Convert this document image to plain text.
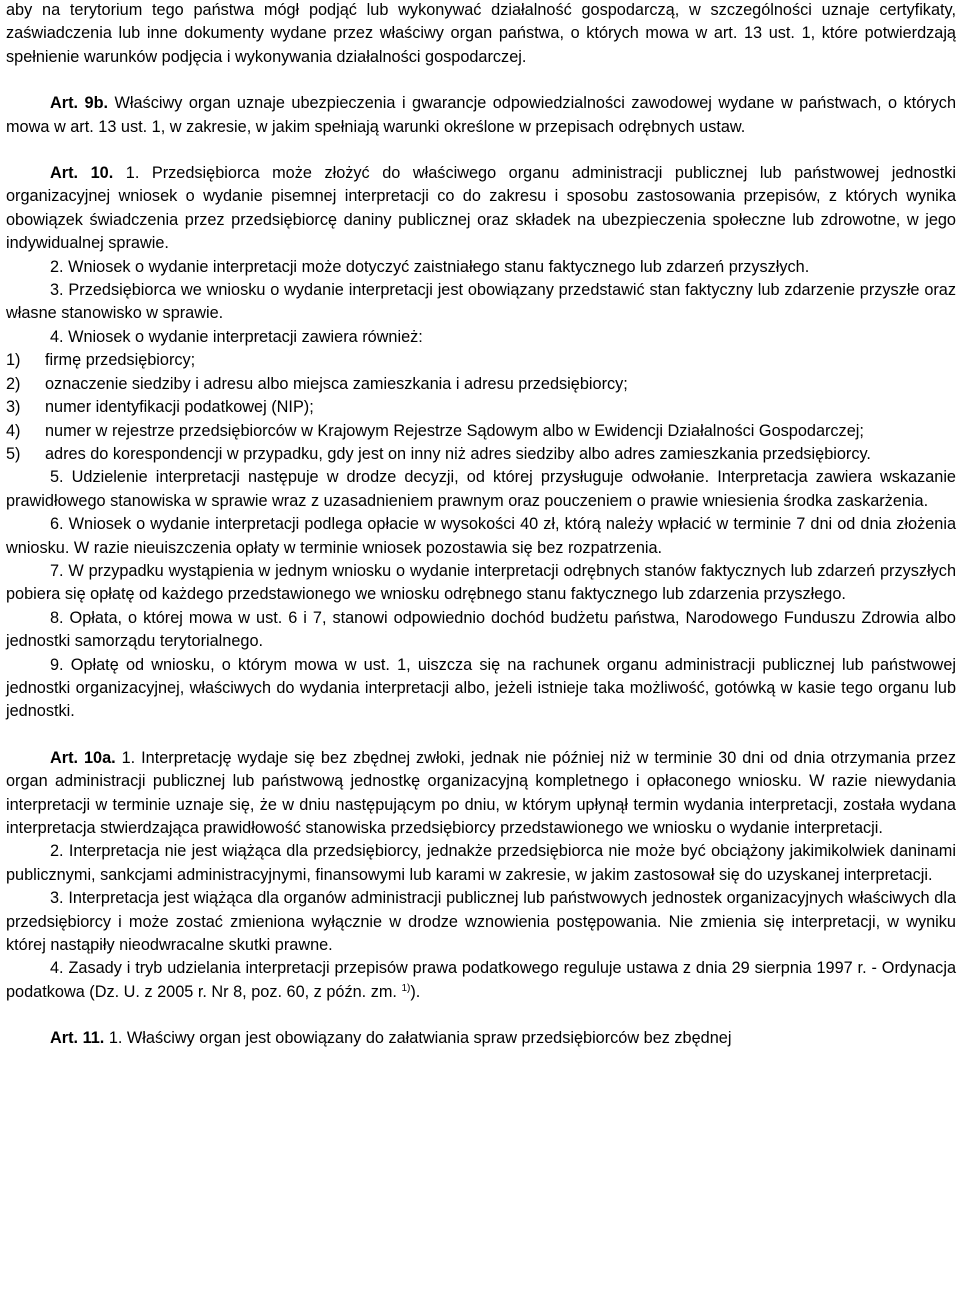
aby na terytorium tego państwa mógł podjąć lub wykonywać działalność gospodarczą, w szczególności uznaje certyfikaty, zaświadczenia lub inne dokumenty wydane przez właściwy organ państwa, o których mowa w art. 13 ust. 1, które potwierdzają spełnienie warunków podjęcia i wykonywania działalności gospodarczej.

Art. 9b. Właściwy organ uznaje ubezpieczenia i gwarancje odpowiedzialności zawodowej wydane w państwach, o których mowa w art. 13 ust. 1, w zakresie, w jakim spełniają warunki określone w przepisach odrębnych ustaw.

Art. 10. 1. Przedsiębiorca może złożyć do właściwego organu administracji publicznej lub państwowej jednostki organizacyjnej wniosek o wydanie pisemnej interpretacji co do zakresu i sposobu zastosowania przepisów, z których wynika obowiązek świadczenia przez przedsiębiorcę daniny publicznej oraz składek na ubezpieczenia społeczne lub zdrowotne, w jego indywidualnej sprawie.

2. Wniosek o wydanie interpretacji może dotyczyć zaistniałego stanu faktycznego lub zdarzeń przyszłych.

3. Przedsiębiorca we wniosku o wydanie interpretacji jest obowiązany przedstawić stan faktyczny lub zdarzenie przyszłe oraz własne stanowisko w sprawie.

4. Wniosek o wydanie interpretacji zawiera również:

1)	firmę przedsiębiorcy;
2)	oznaczenie siedziby i adresu albo miejsca zamieszkania i adresu przedsiębiorcy;
3)	numer identyfikacji podatkowej (NIP);
4)	numer w rejestrze przedsiębiorców w Krajowym Rejestrze Sądowym albo w Ewidencji Działalności Gospodarczej;
5)	adres do korespondencji w przypadku, gdy jest on inny niż adres siedziby albo adres zamieszkania przedsiębiorcy.

5. Udzielenie interpretacji następuje w drodze decyzji, od której przysługuje odwołanie. Interpretacja zawiera wskazanie prawidłowego stanowiska w sprawie wraz z uzasadnieniem prawnym oraz pouczeniem o prawie wniesienia środka zaskarżenia.

6. Wniosek o wydanie interpretacji podlega opłacie w wysokości 40 zł, którą należy wpłacić w terminie 7 dni od dnia złożenia wniosku. W razie nieuiszczenia opłaty w terminie wniosek pozostawia się bez rozpatrzenia.

7. W przypadku wystąpienia w jednym wniosku o wydanie interpretacji odrębnych stanów faktycznych lub zdarzeń przyszłych pobiera się opłatę od każdego przedstawionego we wniosku odrębnego stanu faktycznego lub zdarzenia przyszłego.

8. Opłata, o której mowa w ust. 6 i 7, stanowi odpowiednio dochód budżetu państwa, Narodowego Funduszu Zdrowia albo jednostki samorządu terytorialnego.

9. Opłatę od wniosku, o którym mowa w ust. 1, uiszcza się na rachunek organu administracji publicznej lub państwowej jednostki organizacyjnej, właściwych do wydania interpretacji albo, jeżeli istnieje taka możliwość, gotówką w kasie tego organu lub jednostki.

Art. 10a. 1. Interpretację wydaje się bez zbędnej zwłoki, jednak nie później niż w terminie 30 dni od dnia otrzymania przez organ administracji publicznej lub państwową jednostkę organizacyjną kompletnego i opłaconego wniosku. W razie niewydania interpretacji w terminie uznaje się, że w dniu następującym po dniu, w którym upłynął termin wydania interpretacji, została wydana interpretacja stwierdzająca prawidłowość stanowiska przedsiębiorcy przedstawionego we wniosku o wydanie interpretacji.

2. Interpretacja nie jest wiążąca dla przedsiębiorcy, jednakże przedsiębiorca nie może być obciążony jakimikolwiek daninami publicznymi, sankcjami administracyjnymi, finansowymi lub karami w zakresie, w jakim zastosował się do uzyskanej interpretacji.

3. Interpretacja jest wiążąca dla organów administracji publicznej lub państwowych jednostek organizacyjnych właściwych dla przedsiębiorcy i może zostać zmieniona wyłącznie w drodze wznowienia postępowania. Nie zmienia się interpretacji, w wyniku której nastąpiły nieodwracalne skutki prawne.

4. Zasady i tryb udzielania interpretacji przepisów prawa podatkowego reguluje ustawa z dnia 29 sierpnia 1997 r. - Ordynacja podatkowa (Dz. U. z 2005 r. Nr 8, poz. 60, z późn. zm. $^{1)}$).

Art. 11. 1. Właściwy organ jest obowiązany do załatwiania spraw przedsiębiorców bez zbędnej
